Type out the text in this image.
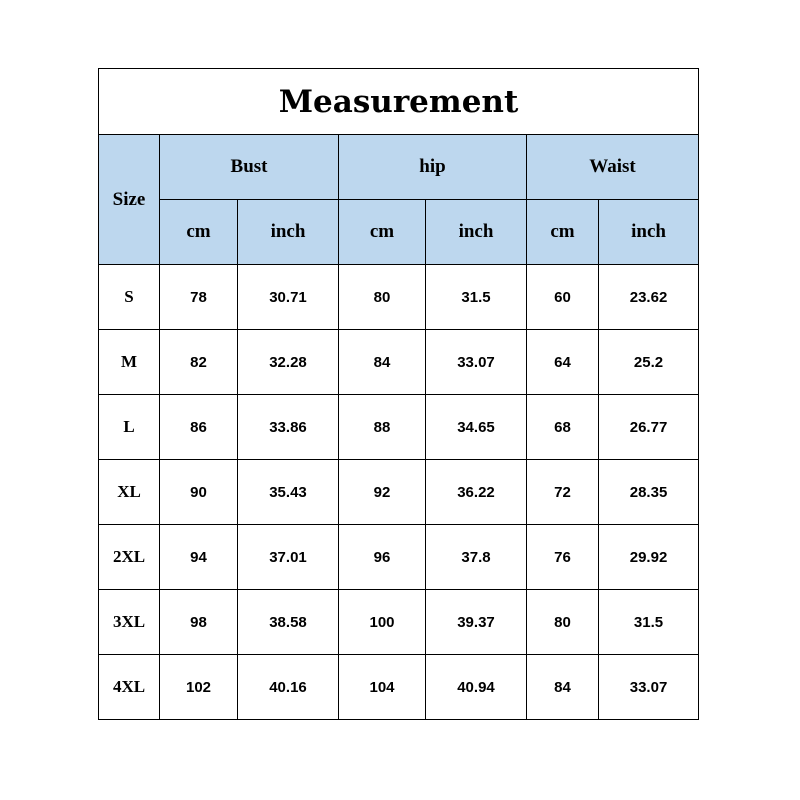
Measurement						
Size	Bust		hip		Waist	
	cm	inch	cm	inch	cm	inch
S	78	30.71	80	31.5	60	23.62
M	82	32.28	84	33.07	64	25.2
L	86	33.86	88	34.65	68	26.77
XL	90	35.43	92	36.22	72	28.35
2XL	94	37.01	96	37.8	76	29.92
3XL	98	38.58	100	39.37	80	31.5
4XL	102	40.16	104	40.94	84	33.07
